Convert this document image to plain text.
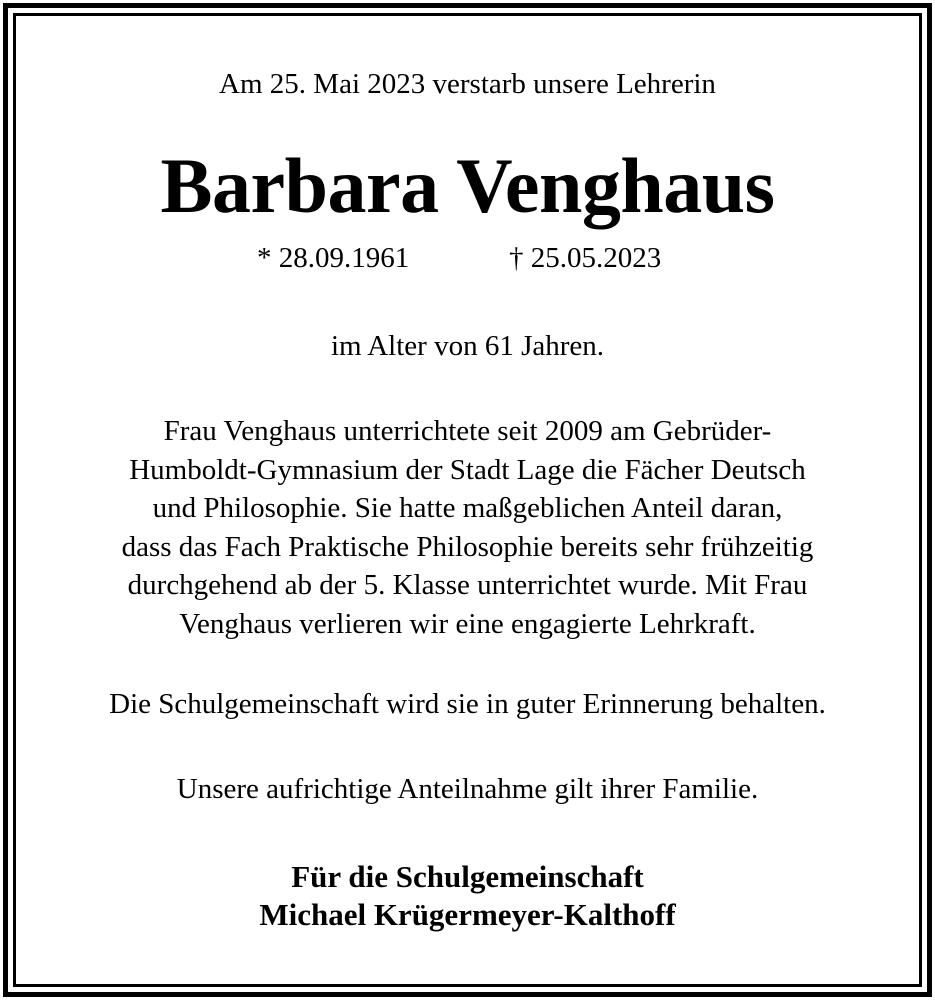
Am 25. Mai 2023 verstarb unsere Lehrerin
Barbara Venghaus
* 28.09.1961	† 25.05.2023
im Alter von 61 Jahren.
Frau Venghaus unterrichtete seit 2009 am Gebrüder-
Humboldt-Gymnasium der Stadt Lage die Fächer Deutsch
und Philosophie. Sie hatte maßgeblichen Anteil daran,
dass das Fach Praktische Philosophie bereits sehr frühzeitig
durchgehend ab der 5. Klasse unterrichtet wurde. Mit Frau
Venghaus verlieren wir eine engagierte Lehrkraft.
Die Schulgemeinschaft wird sie in guter Erinnerung behalten.
Unsere aufrichtige Anteilnahme gilt ihrer Familie.
Für die Schulgemeinschaft
Michael Krügermeyer-Kalthoff
